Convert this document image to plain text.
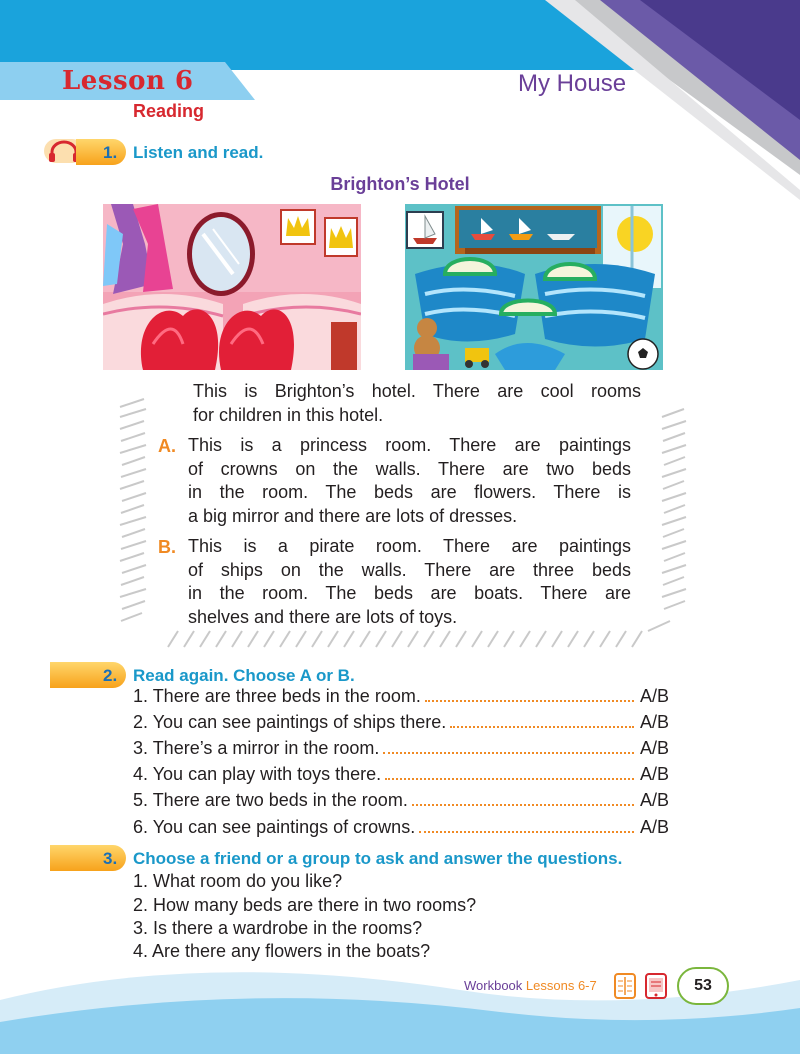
Lesson 6	My House
Reading
1. Listen and read.
Brighton’s Hotel
This is Brighton’s hotel. There are cool rooms
for children in this hotel.
A. This is a princess room. There are paintings
of crowns on the walls. There are two beds
in the room. The beds are flowers. There is
a big mirror and there are lots of dresses.
B. This is a pirate room. There are paintings
of ships on the walls. There are three beds
in the room. The beds are boats. There are
shelves and there are lots of toys.
2. Read again. Choose A or B.
1. There are three beds in the room.	A/B
2. You can see paintings of ships there.	A/B
3. There’s a mirror in the room.	A/B
4. You can play with toys there.	A/B
5. There are two beds in the room.	A/B
6. You can see paintings of crowns.	A/B
3. Choose a friend or a group to ask and answer the questions.
1. What room do you like?
2. How many beds are there in two rooms?
3. Is there a wardrobe in the rooms?
4. Are there any flowers in the boats?
Workbook Lessons 6-7	53
